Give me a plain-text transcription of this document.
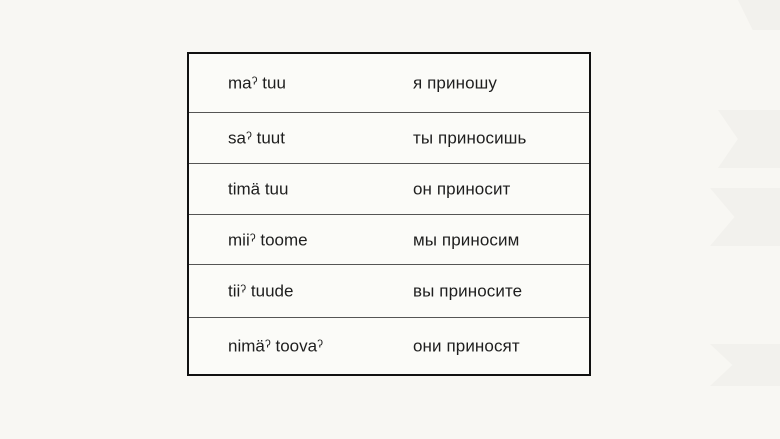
maˀ tuu	я приношу
saˀ tuut	ты приносишь
timä tuu	он приносит
miiˀ toome	мы приносим
tiiˀ tuude	вы приносите
nimäˀ toovaˀ	они приносят
